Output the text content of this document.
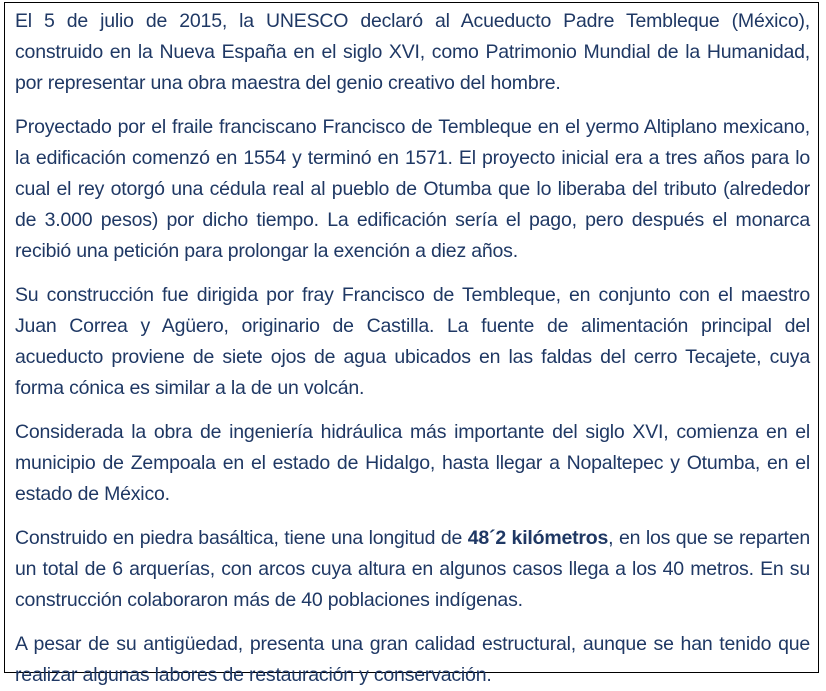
El 5 de julio de 2015, la UNESCO declaró al Acueducto Padre Tembleque (México), construido en la Nueva España en el siglo XVI, como Patrimonio Mundial de la Humanidad, por representar una obra maestra del genio creativo del hombre.

Proyectado por el fraile franciscano Francisco de Tembleque en el yermo Altiplano mexicano, la edificación comenzó en 1554 y terminó en 1571. El proyecto inicial era a tres años para lo cual el rey otorgó una cédula real al pueblo de Otumba que lo liberaba del tributo (alrededor de 3.000 pesos) por dicho tiempo. La edificación sería el pago, pero después el monarca recibió una petición para prolongar la exención a diez años.

Su construcción fue dirigida por fray Francisco de Tembleque, en conjunto con el maestro Juan Correa y Agüero, originario de Castilla. La fuente de alimentación principal del acueducto proviene de siete ojos de agua ubicados en las faldas del cerro Tecajete, cuya forma cónica es similar a la de un volcán.

Considerada la obra de ingeniería hidráulica más importante del siglo XVI, comienza en el municipio de Zempoala en el estado de Hidalgo, hasta llegar a Nopaltepec y Otumba, en el estado de México.

Construido en piedra basáltica, tiene una longitud de 48´2 kilómetros, en los que se reparten un total de 6 arquerías, con arcos cuya altura en algunos casos llega a los 40 metros. En su construcción colaboraron más de 40 poblaciones indígenas.

A pesar de su antigüedad, presenta una gran calidad estructural, aunque se han tenido que realizar algunas labores de restauración y conservación.
